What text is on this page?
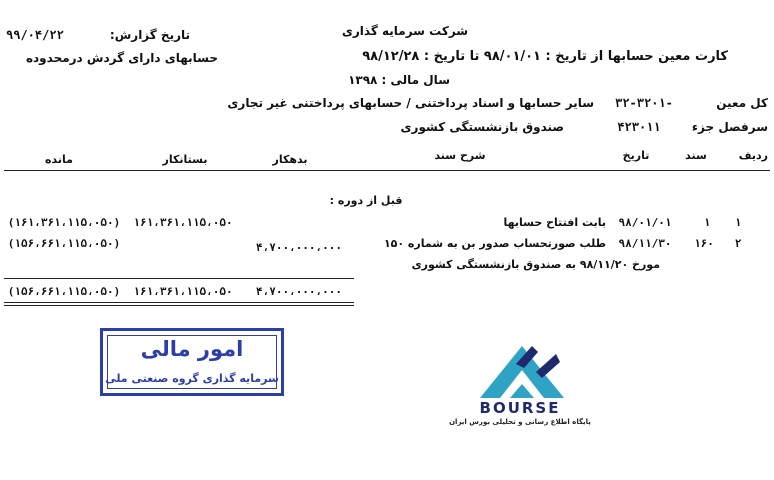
شرکت سرمایه گذاری
تاریخ گزارش:
۹۹/۰۴/۲۲
کارت معین حسابها از تاریخ : ۹۸/۰۱/۰۱ تا تاریخ : ۹۸/۱۲/۲۸
حسابهای دارای گردش درمحدوده
سال مالی : ۱۳۹۸
کل معین
۳۲-۳۲۰۱-
سایر حسابها و اسناد پرداختنی / حسابهای پرداختنی غیر تجاری
سرفصل جزء
۴۲۳۰۱۱
صندوق بازنشستگی کشوری
ردیف
سند
تاریخ
شرح سند
بدهکار
بستانکار
مانده
قبل از دوره :
۱
۱
۹۸/۰۱/۰۱
بابت افتتاح حسابها
۱۶۱،۳۶۱،۱۱۵،۰۵۰
(۱۶۱،۳۶۱،۱۱۵،۰۵۰)
۲
۱۶۰
۹۸/۱۱/۳۰
طلب صورتحساب صدور بن به شماره ۱۵۰
مورخ ۹۸/۱۱/۲۰ به صندوق بازنشستگی کشوری
۴،۷۰۰،۰۰۰،۰۰۰
(۱۵۶،۶۶۱،۱۱۵،۰۵۰)
۴،۷۰۰،۰۰۰،۰۰۰
۱۶۱،۳۶۱،۱۱۵،۰۵۰
(۱۵۶،۶۶۱،۱۱۵،۰۵۰)
امور مالی
سرمایه گذاری گروه صنعتی ملی
BOURSE
پایگاه اطلاع رسانی و تحلیلی بورس ایران
